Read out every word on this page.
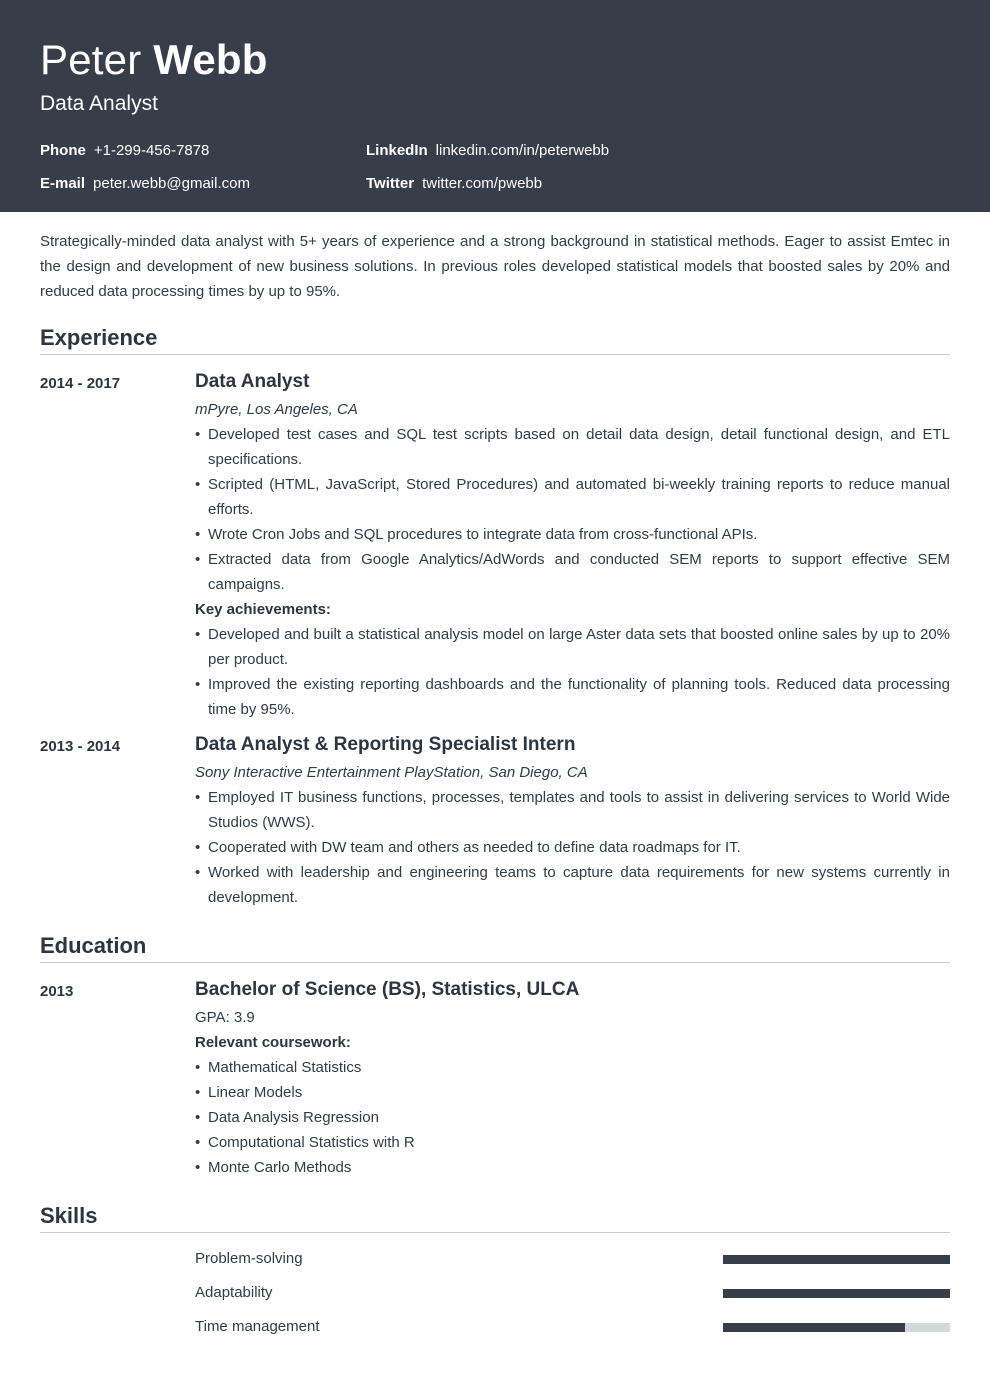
Peter Webb
Data Analyst
Phone +1-299-456-7878
E-mail peter.webb@gmail.com
LinkedIn linkedin.com/in/peterwebb
Twitter twitter.com/pwebb

Strategically-minded data analyst with 5+ years of experience and a strong background in statistical methods. Eager to assist Emtec in the design and development of new business solutions. In previous roles developed statistical models that boosted sales by 20% and reduced data processing times by up to 95%.

Experience
2014 - 2017	Data Analyst
mPyre, Los Angeles, CA
• Developed test cases and SQL test scripts based on detail data design, detail functional design, and ETL specifications.
• Scripted (HTML, JavaScript, Stored Procedures) and automated bi-weekly training reports to reduce manual efforts.
• Wrote Cron Jobs and SQL procedures to integrate data from cross-functional APIs.
• Extracted data from Google Analytics/AdWords and conducted SEM reports to support effective SEM campaigns.
Key achievements:
• Developed and built a statistical analysis model on large Aster data sets that boosted online sales by up to 20% per product.
• Improved the existing reporting dashboards and the functionality of planning tools. Reduced data processing time by 95%.
2013 - 2014	Data Analyst & Reporting Specialist Intern
Sony Interactive Entertainment PlayStation, San Diego, CA
• Employed IT business functions, processes, templates and tools to assist in delivering services to World Wide Studios (WWS).
• Cooperated with DW team and others as needed to define data roadmaps for IT.
• Worked with leadership and engineering teams to capture data requirements for new systems currently in development.
Education
2013	Bachelor of Science (BS), Statistics, ULCA
GPA: 3.9
Relevant coursework:
• Mathematical Statistics
• Linear Models
• Data Analysis Regression
• Computational Statistics with R
• Monte Carlo Methods
Skills
Problem-solving
Adaptability
Time management
